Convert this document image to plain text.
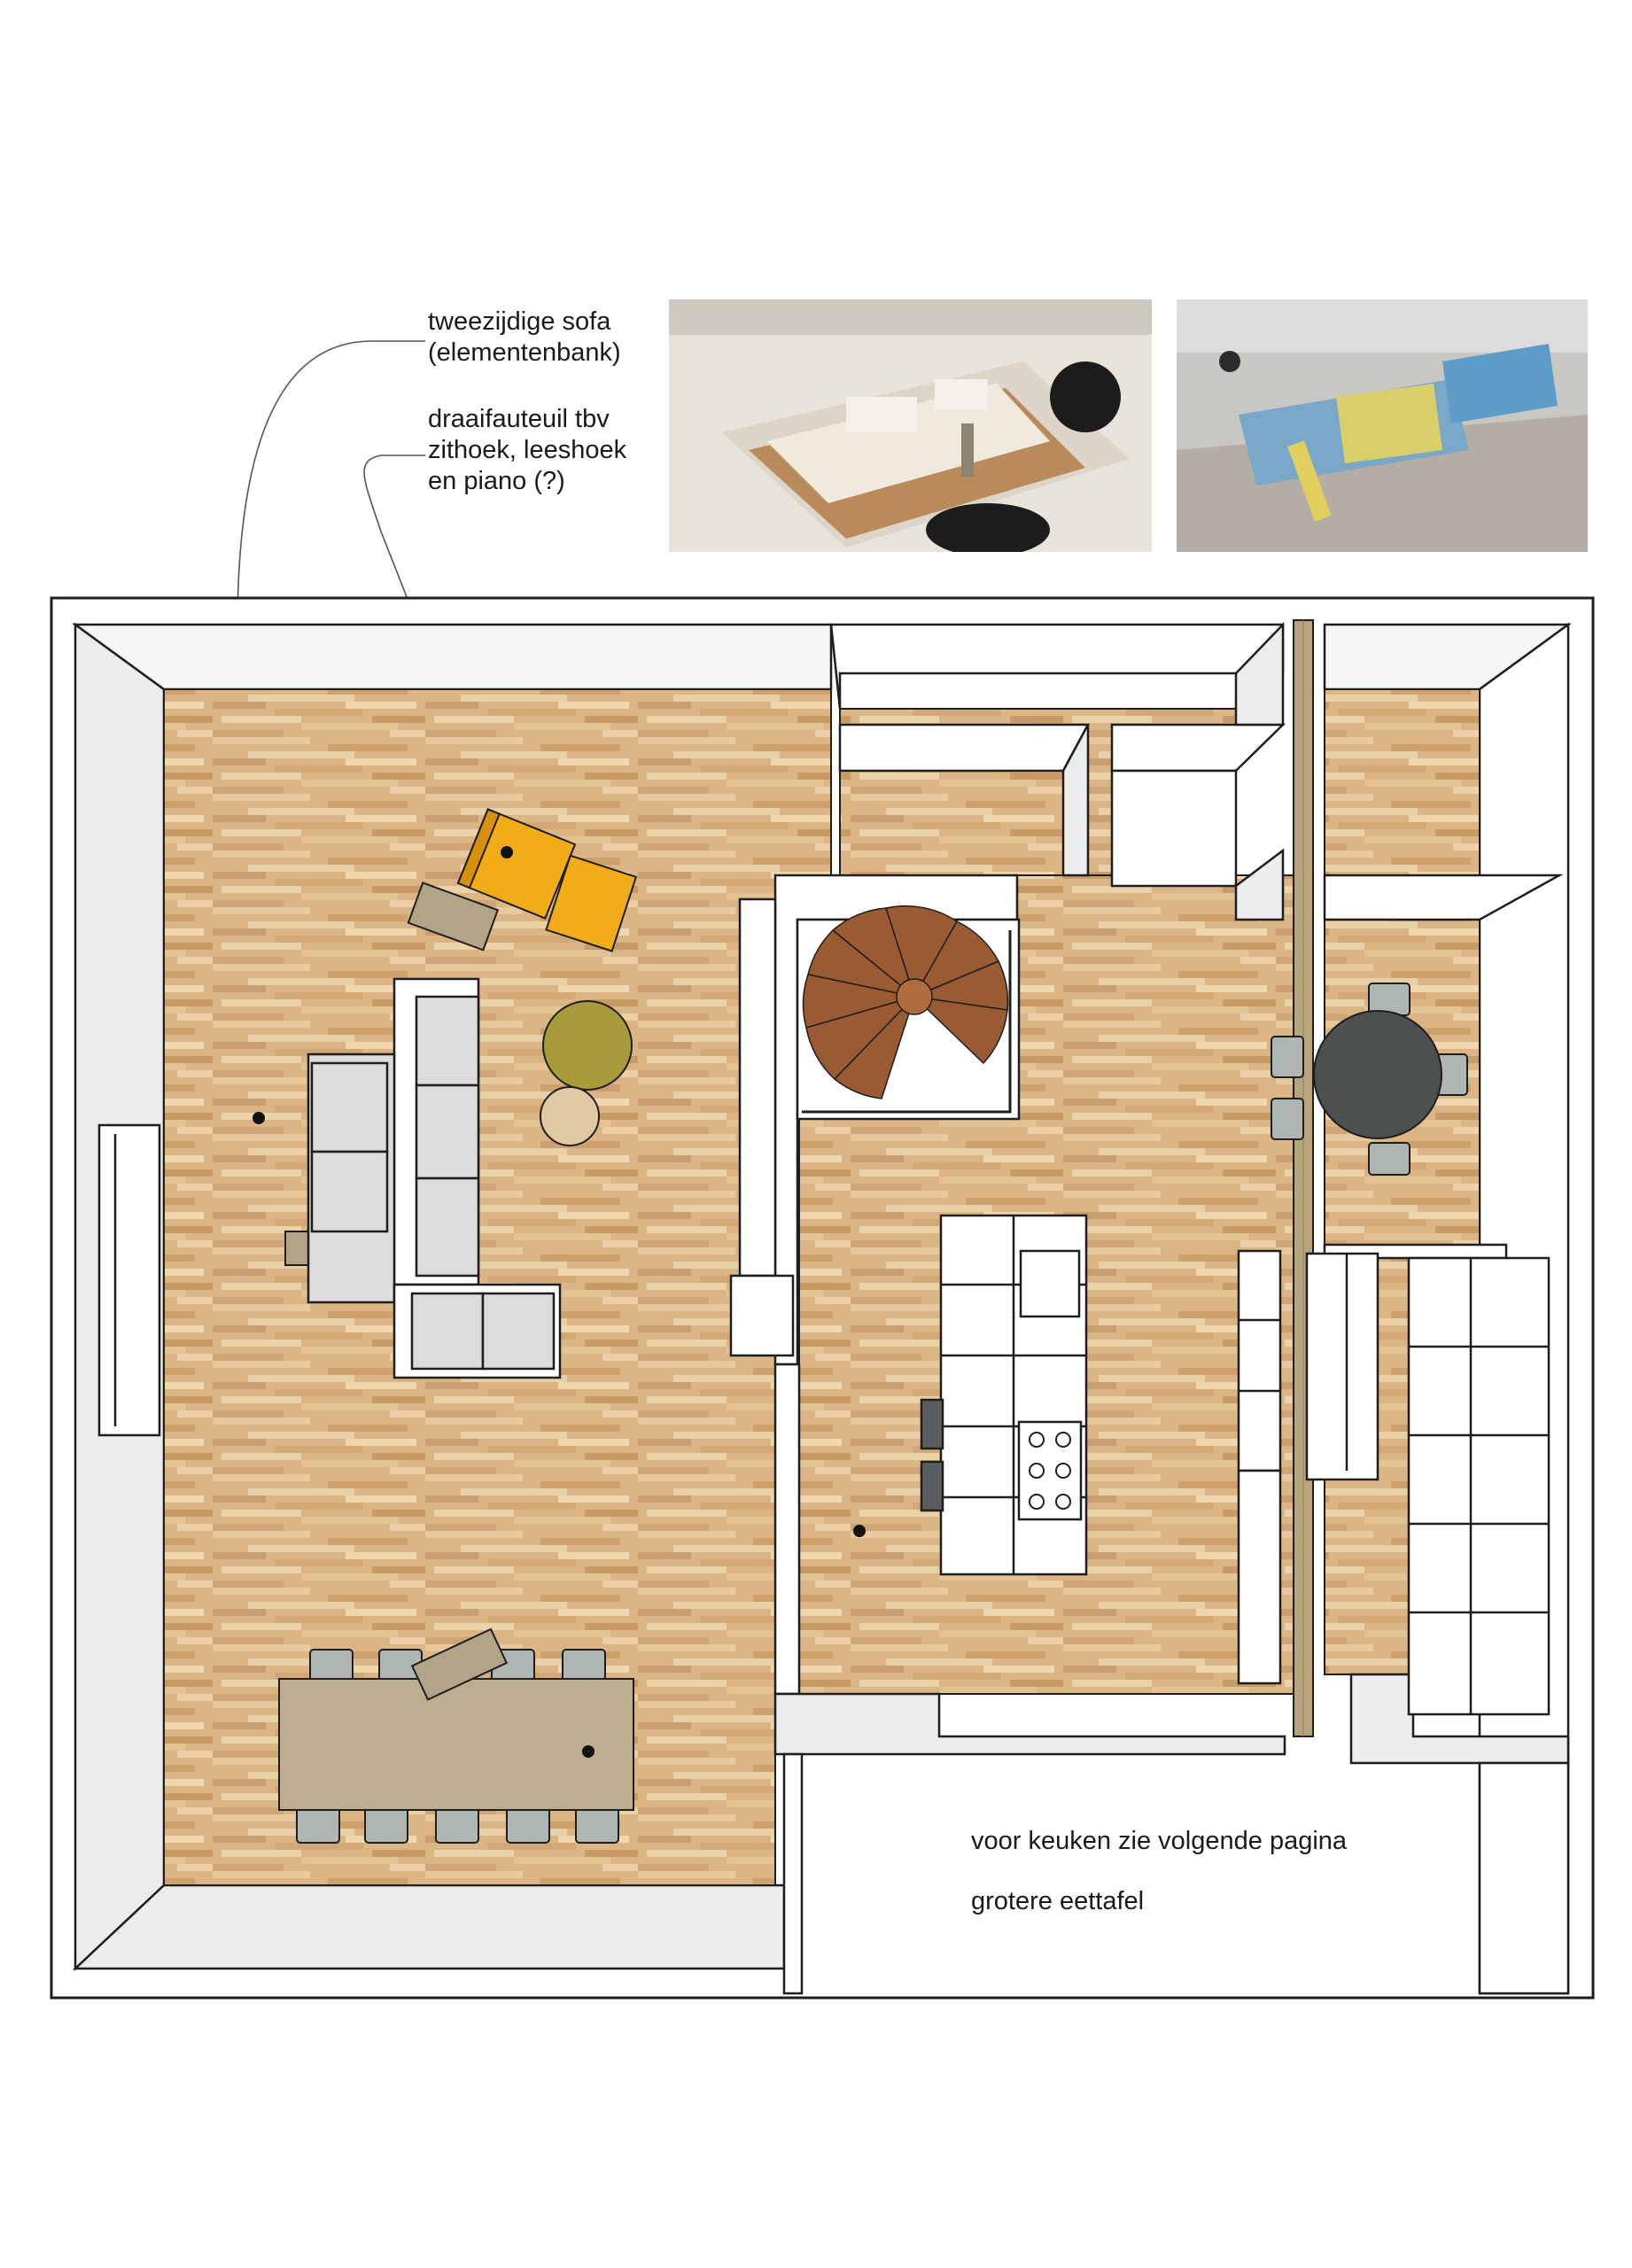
tweezijdige sofa
(elementenbank)
draaifauteuil tbv
zithoek, leeshoek
en piano (?)
voor keuken zie volgende pagina
grotere eettafel
